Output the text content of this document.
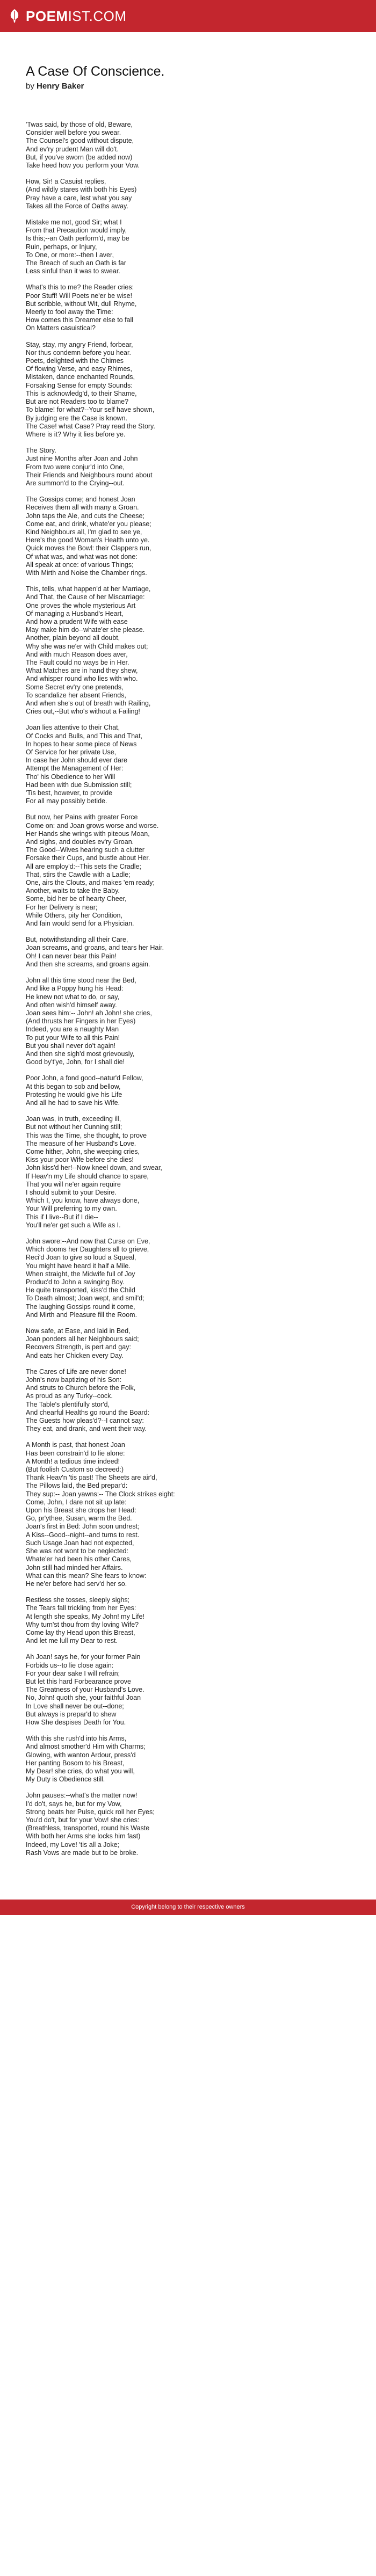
POEM IST.COM
A Case Of Conscience.
by Henry Baker

'Twas said, by those of old, Beware,
Consider well before you swear.
The Counsel's good without dispute,
And ev'ry prudent Man will do't.
But, if you've sworn (be added now)
Take heed how you perform your Vow.

How, Sir! a Casuist replies,
(And wildly stares with both his Eyes)
Pray have a care, lest what you say
Takes all the Force of Oaths away.

Mistake me not, good Sir; what I
From that Precaution would imply,
Is this;--an Oath perform'd, may be
Ruin, perhaps, or Injury,
To One, or more:--then I aver,
The Breach of such an Oath is far
Less sinful than it was to swear.

What's this to me? the Reader cries:
Poor Stuff! Will Poets ne'er be wise!
But scribble, without Wit, dull Rhyme,
Meerly to fool away the Time:
How comes this Dreamer else to fall
On Matters casuistical?

Stay, stay, my angry Friend, forbear,
Nor thus condemn before you hear.
Poets, delighted with the Chimes
Of flowing Verse, and easy Rhimes,
Mistaken, dance enchanted Rounds,
Forsaking Sense for empty Sounds:
This is acknowledg'd, to their Shame,
But are not Readers too to blame?
To blame! for what?--Your self have shown,
By judging ere the Case is known.
The Case! what Case? Pray read the Story.
Where is it? Why it lies before ye.

The Story.
Just nine Months after Joan and John
From two were conjur'd into One,
Their Friends and Neighbours round about
Are summon'd to the Crying--out.

The Gossips come; and honest Joan
Receives them all with many a Groan.
John taps the Ale, and cuts the Cheese;
Come eat, and drink, whate'er you please;
Kind Neighbours all, I'm glad to see ye,
Here's the good Woman's Health unto ye.
Quick moves the Bowl: their Clappers run,
Of what was, and what was not done:
All speak at once: of various Things;
With Mirth and Noise the Chamber rings.

This, tells, what happen'd at her Marriage,
And That, the Cause of her Miscarriage:
One proves the whole mysterious Art
Of managing a Husband's Heart,
And how a prudent Wife with ease
May make him do--whate'er she please.
Another, plain beyond all doubt,
Why she was ne'er with Child makes out;
And with much Reason does aver,
The Fault could no ways be in Her.
What Matches are in hand they shew,
And whisper round who lies with who.
Some Secret ev'ry one pretends,
To scandalize her absent Friends,
And when she's out of breath with Railing,
Cries out,--But who's without a Failing!

Joan lies attentive to their Chat,
Of Cocks and Bulls, and This and That,
In hopes to hear some piece of News
Of Service for her private Use,
In case her John should ever dare
Attempt the Management of Her:
Tho' his Obedience to her Will
Had been with due Submission still;
'Tis best, however, to provide
For all may possibly betide.

But now, her Pains with greater Force
Come on: and Joan grows worse and worse.
Her Hands she wrings with piteous Moan,
And sighs, and doubles ev'ry Groan.
The Good--Wives hearing such a clutter
Forsake their Cups, and bustle about Her.
All are employ'd:--This sets the Cradle;
That, stirs the Cawdle with a Ladle;
One, airs the Clouts, and makes 'em ready;
Another, waits to take the Baby.
Some, bid her be of hearty Cheer,
For her Delivery is near;
While Others, pity her Condition,
And fain would send for a Physician.

But, notwithstanding all their Care,
Joan screams, and groans, and tears her Hair.
Oh! I can never bear this Pain!
And then she screams, and groans again.

John all this time stood near the Bed,
And like a Poppy hung his Head:
He knew not what to do, or say,
And often wish'd himself away.
Joan sees him:-- John! ah John! she cries,
(And thrusts her Fingers in her Eyes)
Indeed, you are a naughty Man
To put your Wife to all this Pain!
But you shall never do't again!
And then she sigh'd most grievously,
Good by't'ye, John, for I shall die!

Poor John, a fond good--natur'd Fellow,
At this began to sob and bellow,
Protesting he would give his Life
And all he had to save his Wife.

Joan was, in truth, exceeding ill,
But not without her Cunning still;
This was the Time, she thought, to prove
The measure of her Husband's Love.
Come hither, John, she weeping cries,
Kiss your poor Wife before she dies!
John kiss'd her!--Now kneel down, and swear,
If Heav'n my Life should chance to spare,
That you will ne'er again require
I should submit to your Desire.
Which I, you know, have always done,
Your Will preferring to my own.
This if I live--But if I die--
You'll ne'er get such a Wife as I.

John swore:--And now that Curse on Eve,
Which dooms her Daughters all to grieve,
Reci'd Joan to give so loud a Squeal,
You might have heard it half a Mile.
When straight, the Midwife full of Joy
Produc'd to John a swinging Boy.
He quite transported, kiss'd the Child
To Death almost; Joan wept, and smil'd;
The laughing Gossips round it come,
And Mirth and Pleasure fill the Room.

Now safe, at Ease, and laid in Bed,
Joan ponders all her Neighbours said;
Recovers Strength, is pert and gay:
And eats her Chicken every Day.

The Cares of Life are never done!
John's now baptizing of his Son:
And struts to Church before the Folk,
As proud as any Turky--cock.
The Table's plentifully stor'd,
And chearful Healths go round the Board:
The Guests how pleas'd?--I cannot say:
They eat, and drank, and went their way.

A Month is past, that honest Joan
Has been constrain'd to lie alone:
A Month! a tedious time indeed!
(But foolish Custom so decreed:)
Thank Heav'n 'tis past! The Sheets are air'd,
The Pillows laid, the Bed prepar'd:
They sup:-- Joan yawns:-- The Clock strikes eight:
Come, John, I dare not sit up late:
Upon his Breast she drops her Head:
Go, pr'ythee, Susan, warm the Bed.
Joan's first in Bed: John soon undrest;
A Kiss--Good--night--and turns to rest.
Such Usage Joan had not expected,
She was not wont to be neglected:
Whate'er had been his other Cares,
John still had minded her Affairs.
What can this mean? She fears to know:
He ne'er before had serv'd her so.

Restless she tosses, sleeply sighs;
The Tears fall trickling from her Eyes:
At length she speaks, My John! my Life!
Why turn'st thou from thy loving Wife?
Come lay thy Head upon this Breast,
And let me lull my Dear to rest.

Ah Joan! says he, for your former Pain
Forbids us--to lie close again:
For your dear sake I will refrain;
But let this hard Forbearance prove
The Greatness of your Husband's Love.
No, John! quoth she, your faithful Joan
In Love shall never be out--done;
But always is prepar'd to shew
How She despises Death for You.

With this she rush'd into his Arms,
And almost smother'd Him with Charms;
Glowing, with wanton Ardour, press'd
Her panting Bosom to his Breast,
My Dear! she cries, do what you will,
My Duty is Obedience still.

John pauses:--what's the matter now!
I'd do't, says he, but for my Vow,
Strong beats her Pulse, quick roll her Eyes;
You'd do't, but for your Vow! she cries:
(Breathless, transported, round his Waste
With both her Arms she locks him fast)
Indeed, my Love! 'tis all a Joke;
Rash Vows are made but to be broke.

Copyright belong to their respective owners
